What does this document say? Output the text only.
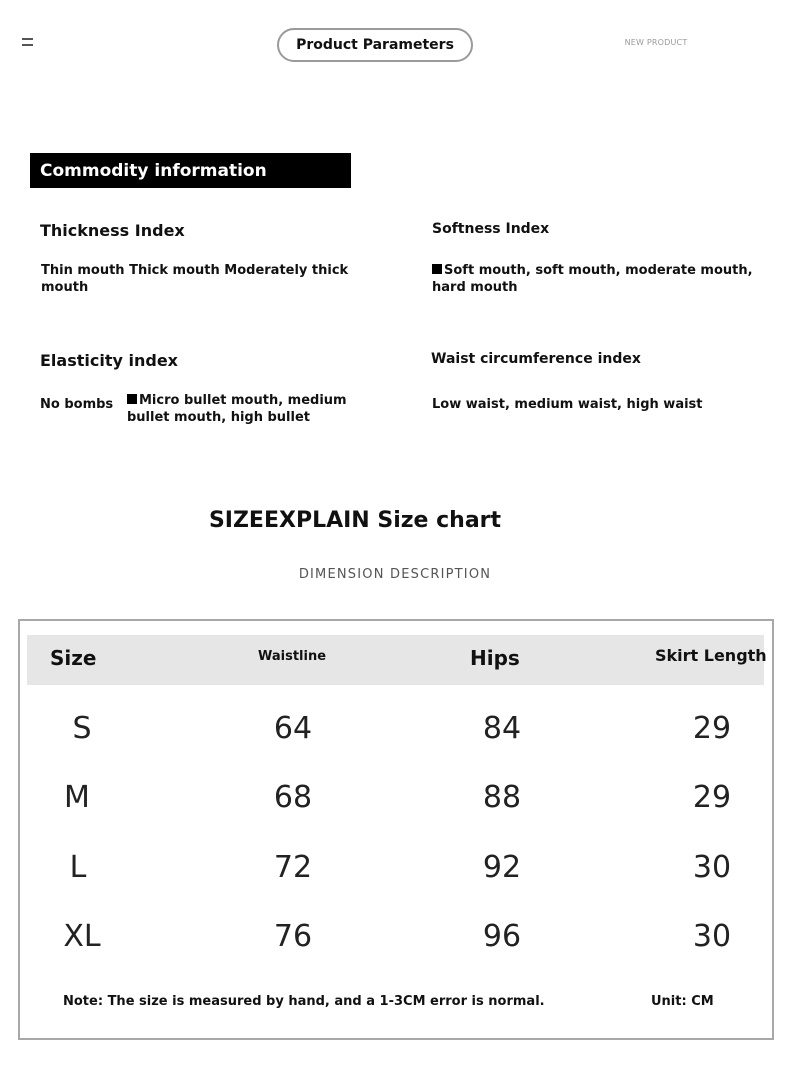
Product Parameters	NEW PRODUCT
Commodity information
Thickness Index
Thin mouth Thick mouth Moderately thick mouth
Softness Index
Soft mouth, soft mouth, moderate mouth, hard mouth
Elasticity index
No bombs	Micro bullet mouth, medium bullet mouth, high bullet
Waist circumference index
Low waist, medium waist, high waist
SIZEEXPLAIN Size chart
DIMENSION DESCRIPTION
Size	Waistline	Hips	Skirt Length
S	64	84	29
M	68	88	29
L	72	92	30
XL	76	96	30
Note: The size is measured by hand, and a 1-3CM error is normal.	Unit: CM
